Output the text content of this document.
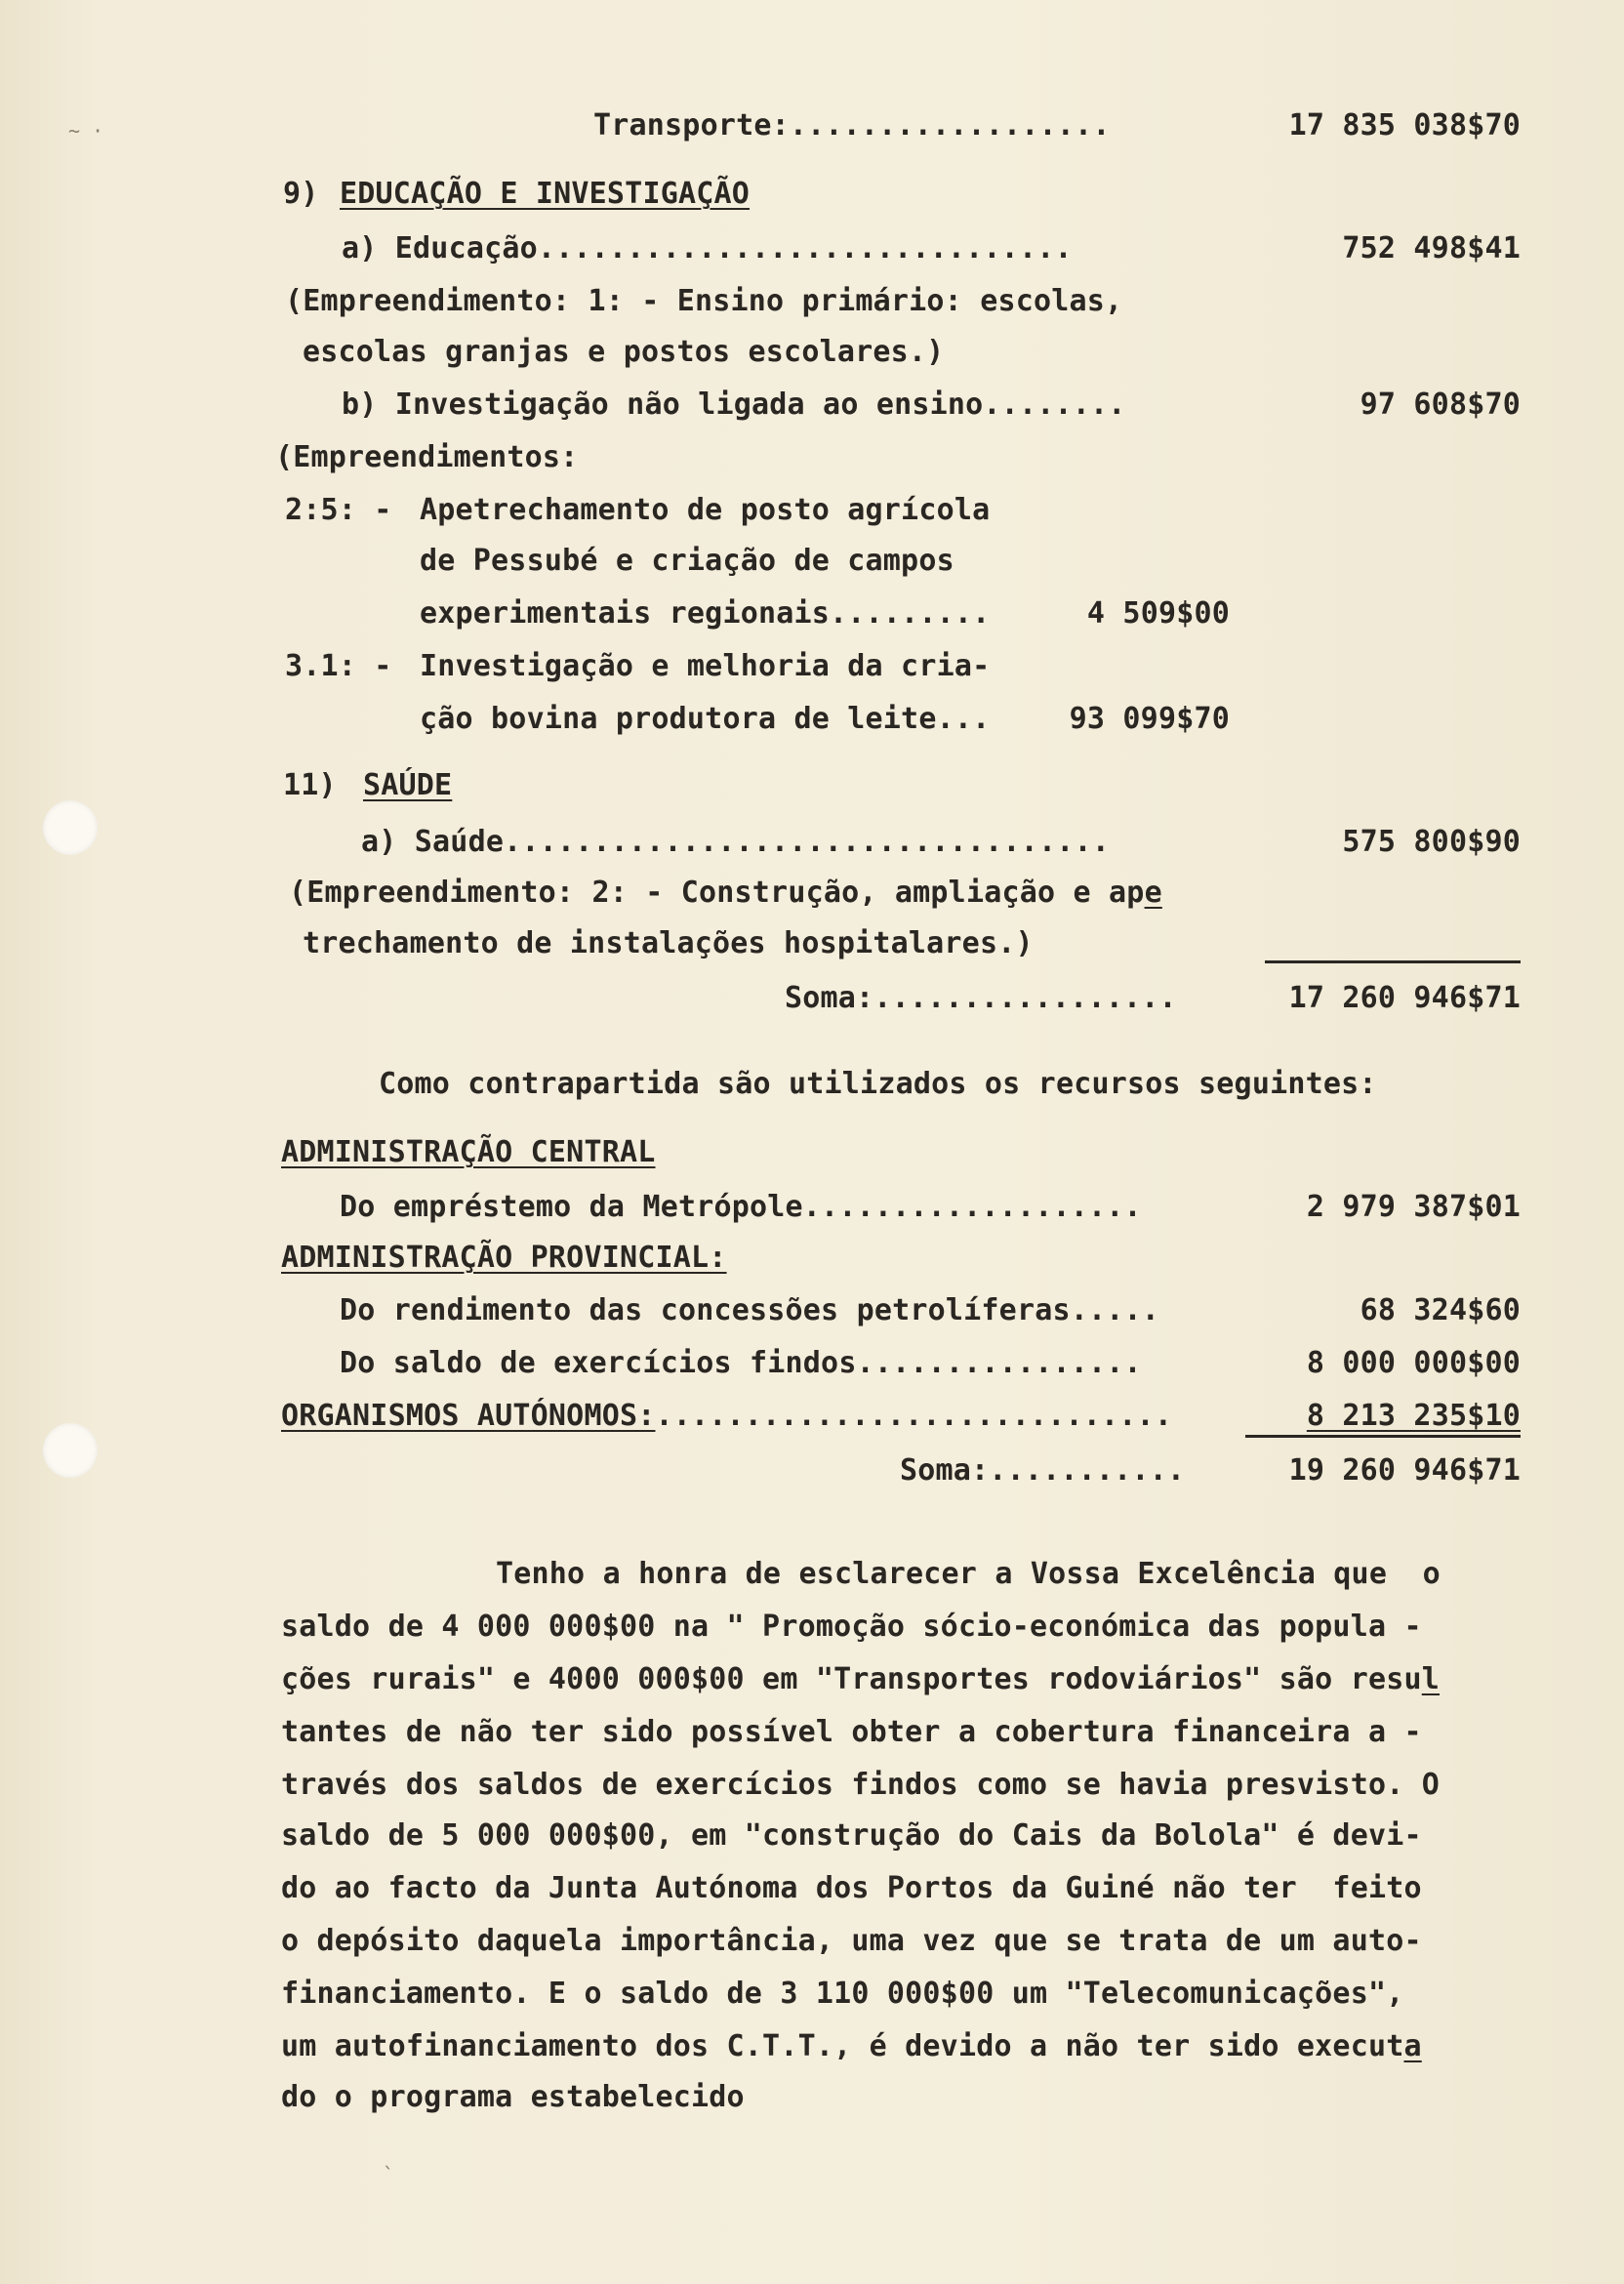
~ ·	Transporte:..................	17 835 038$70
9) EDUCAÇÃO E INVESTIGAÇÃO
a) Educação..............................	752 498$41
(Empreendimento: 1: - Ensino primário: escolas,
escolas granjas e postos escolares.)
b) Investigação não ligada ao ensino........	97 608$70
(Empreendimentos:
2:5: - Apetrechamento de posto agrícola
de Pessubé e criação de campos
experimentais regionais.........	4 509$00
3.1: - Investigação e melhoria da cria-
ção bovina produtora de leite...	93 099$70
11) SAÚDE
a) Saúde..................................	575 800$90
(Empreendimento: 2: - Construção, ampliação e ape
trechamento de instalações hospitalares.)
Soma:.................	17 260 946$71
Como contrapartida são utilizados os recursos seguintes:
ADMINISTRAÇÃO CENTRAL
Do empréstemo da Metrópole...................	2 979 387$01
ADMINISTRAÇÃO PROVINCIAL:
Do rendimento das concessões petrolíferas.....	68 324$60
Do saldo de exercícios findos................	8 000 000$00
ORGANISMOS AUTÓNOMOS:.............................	8 213 235$10
Soma:...........	19 260 946$71
Tenho a honra de esclarecer a Vossa Excelência que  o
saldo de 4 000 000$00 na " Promoção sócio-económica das popula -
ções rurais" e 4000 000$00 em "Transportes rodoviários" são resul
tantes de não ter sido possível obter a cobertura financeira a -
través dos saldos de exercícios findos como se havia presvisto. O
saldo de 5 000 000$00, em "construção do Cais da Bolola" é devi-
do ao facto da Junta Autónoma dos Portos da Guiné não ter  feito
o depósito daquela importância, uma vez que se trata de um auto-
financiamento. E o saldo de 3 110 000$00 um "Telecomunicações",
um autofinanciamento dos C.T.T., é devido a não ter sido executa
do o programa estabelecido
`
